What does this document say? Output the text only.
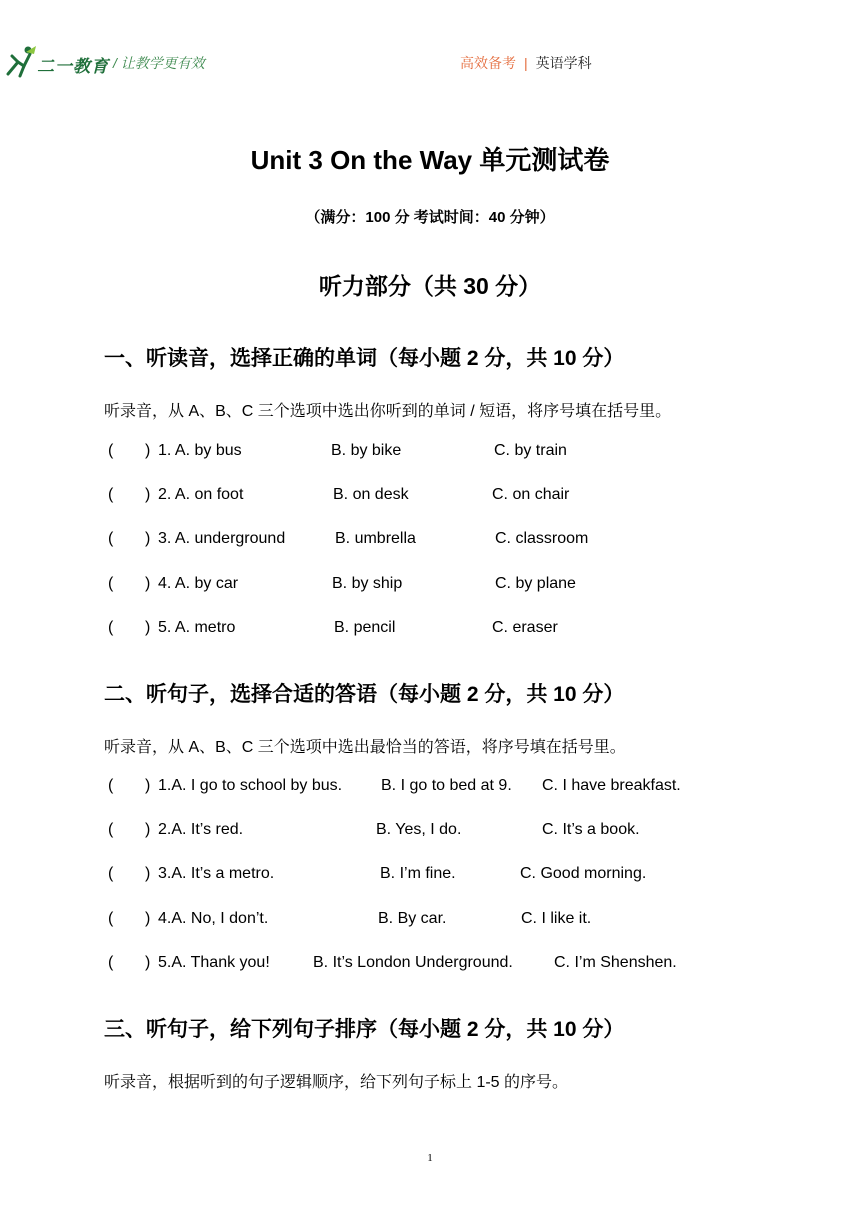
二一教育 / 让教学更有效	高效备考 | 英语学科
Unit 3 On the Way 单元测试卷
（满分：100 分 考试时间：40 分钟）
听力部分（共 30 分）
一、听读音，选择正确的单词（每小题 2 分，共 10 分）
听录音，从 A、B、C 三个选项中选出你听到的单词 / 短语，将序号填在括号里。
( ) 1. A. by bus	B. by bike	C. by train
( ) 2. A. on foot	B. on desk	C. on chair
( ) 3. A. underground	B. umbrella	C. classroom
( ) 4. A. by car	B. by ship	C. by plane
( ) 5. A. metro	B. pencil	C. eraser
二、听句子，选择合适的答语（每小题 2 分，共 10 分）
听录音，从 A、B、C 三个选项中选出最恰当的答语，将序号填在括号里。
( ) 1.A. I go to school by bus. B. I go to bed at 9. C. I have breakfast.
( ) 2.A. It’s red.	B. Yes, I do.	C. It’s a book.
( ) 3.A. It’s a metro.	B. I’m fine.	C. Good morning.
( ) 4.A. No, I don’t.	B. By car.	C. I like it.
( ) 5.A. Thank you!	B. It’s London Underground.	C. I’m Shenshen.
三、听句子，给下列句子排序（每小题 2 分，共 10 分）
听录音，根据听到的句子逻辑顺序，给下列句子标上 1-5 的序号。
1
